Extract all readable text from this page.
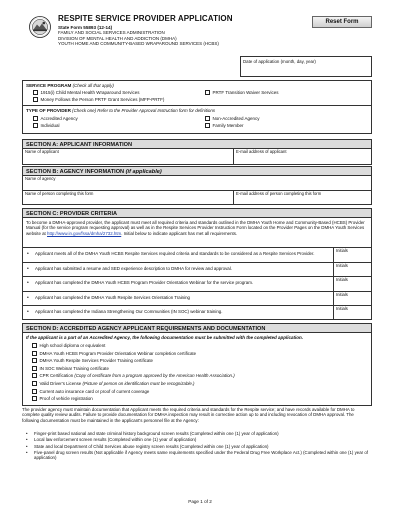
RESPITE SERVICE PROVIDER APPLICATION
State Form 55893 (12-14)
FAMILY AND SOCIAL SERVICES ADMINISTRATION
DIVISION OF MENTAL HEALTH AND ADDICTION (DMHA)
YOUTH HOME AND COMMUNITY-BASED WRAPAROUND SERVICES (HCBS)
Reset Form
Date of application (month, day, year)
SERVICE PROGRAM (Check all that apply)
1915(i) Child Mental Health Wraparound Services	PRTF Transition Waiver Services
Money Follows the Person PRTF Grant Services (MFP-PRTF)
TYPE OF PROVIDER (Check one) Refer to the Provider Approval Instruction form for definitions
Accredited Agency	Non-Accredited Agency
Individual	Family Member
SECTION A: APPLICANT INFORMATION
Name of applicant	E-mail address of applicant
SECTION B: AGENCY INFORMATION (if applicable)
Name of agency
Name of person completing this form	E-mail address of person completing this form
SECTION C: PROVIDER CRITERIA
To become a DMHA-approved provider, the applicant must meet all required criteria and standards outlined in the DMHA Youth Home and Community-Based (HCBS) Provider Manual (for the service program requesting approval) as well as in the Respite Services Provider Instruction Form located on the Provider Pages on the DMHA Youth Services website at http://www.in.gov/fssa/dmha/2732.htm. Initial below to indicate applicant has met all requirements.
• Applicant meets all of the DMHA Youth HCBS Respite Services required criteria and standards to be considered as a Respite Services Provider.
Initials
• Applicant has submitted a resume and SED experience description to DMHA for review and approval.
Initials
• Applicant has completed the DMHA Youth HCBS Program Provider Orientation Webinar for the service program.
Initials
• Applicant has completed the DMHA Youth Respite Services Orientation Training
Initials
• Applicant has completed the Indiana Strengthening Our Communities (IN SOC) webinar training.
Initials
SECTION D: ACCREDITED AGENCY APPLICANT REQUIREMENTS AND DOCUMENTATION
If the applicant is a part of an Accredited Agency, the following documentation must be submitted with the completed application.
High school diploma or equivalent
DMHA Youth HCBS Program Provider Orientation Webinar completion certificate
DMHA Youth Respite Services Provider Training certificate
IN SOC Webinar Training certificate
CPR Certification (Copy of certificate from a program approved by the American Health Association.)
Valid Driver's License (Picture of person on identification must be recognizable.)
Current auto insurance card or proof of current coverage
Proof of vehicle registration
The provider agency must maintain documentation that Applicant meets the required criteria and standards for the Respite service; and have records available for DMHA to complete quality review audits. Failure to provide documentation for DMHA inspection may result in corrective action up to and including revocation of DMHA approval. The following documentation must be maintained in the applicant's personnel file at the Agency:
• Finger-print based national and state criminal history background screen results (Completed within one (1) year of application)
• Local law enforcement screen results (Completed within one (1) year of application)
• State and local Department of Child Services abuse registry screen results (Completed within one (1) year of application)
• Five-panel drug screen results (Not applicable if Agency meets same requirements specified under the Federal Drug Free Workplace Act.) (Completed within one (1) year of application)
Page 1 of 2
